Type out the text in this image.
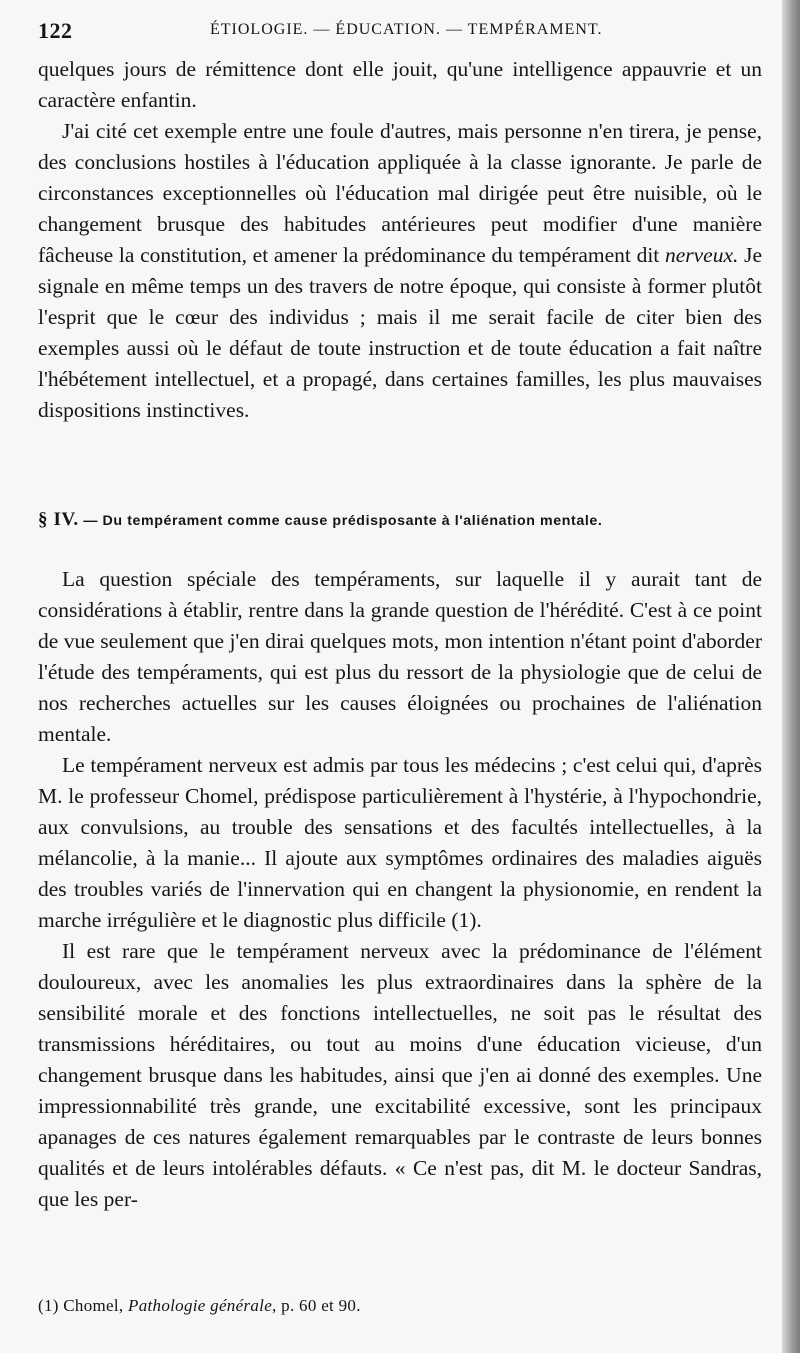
122	ÉTIOLOGIE. — ÉDUCATION. — TEMPÉRAMENT.

quelques jours de rémittence dont elle jouit, qu'une intelligence appauvrie et un caractère enfantin.

J'ai cité cet exemple entre une foule d'autres, mais personne n'en tirera, je pense, des conclusions hostiles à l'éducation appliquée à la classe ignorante. Je parle de circonstances exceptionnelles où l'éducation mal dirigée peut être nuisible, où le changement brusque des habitudes antérieures peut modifier d'une manière fâcheuse la constitution, et amener la prédominance du tempérament dit nerveux. Je signale en même temps un des travers de notre époque, qui consiste à former plutôt l'esprit que le cœur des individus ; mais il me serait facile de citer bien des exemples aussi où le défaut de toute instruction et de toute éducation a fait naître l'hébétement intellectuel, et a propagé, dans certaines familles, les plus mauvaises dispositions instinctives.

§ IV. — Du tempérament comme cause prédisposante à l'aliénation mentale.

La question spéciale des tempéraments, sur laquelle il y aurait tant de considérations à établir, rentre dans la grande question de l'hérédité. C'est à ce point de vue seulement que j'en dirai quelques mots, mon intention n'étant point d'aborder l'étude des tempéraments, qui est plus du ressort de la physiologie que de celui de nos recherches actuelles sur les causes éloignées ou prochaines de l'aliénation mentale.

Le tempérament nerveux est admis par tous les médecins ; c'est celui qui, d'après M. le professeur Chomel, prédispose particulièrement à l'hystérie, à l'hypochondrie, aux convulsions, au trouble des sensations et des facultés intellectuelles, à la mélancolie, à la manie... Il ajoute aux symptômes ordinaires des maladies aiguës des troubles variés de l'innervation qui en changent la physionomie, en rendent la marche irrégulière et le diagnostic plus difficile (1).

Il est rare que le tempérament nerveux avec la prédominance de l'élément douloureux, avec les anomalies les plus extraordinaires dans la sphère de la sensibilité morale et des fonctions intellectuelles, ne soit pas le résultat des transmissions héréditaires, ou tout au moins d'une éducation vicieuse, d'un changement brusque dans les habitudes, ainsi que j'en ai donné des exemples. Une impressionnabilité très grande, une excitabilité excessive, sont les principaux apanages de ces natures également remarquables par le contraste de leurs bonnes qualités et de leurs intolérables défauts. « Ce n'est pas, dit M. le docteur Sandras, que les per-

(1) Chomel, Pathologie générale, p. 60 et 90.
